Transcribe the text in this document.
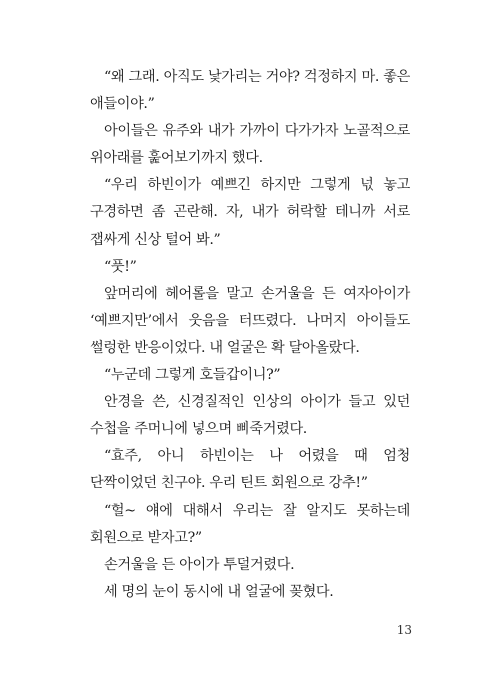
“왜 그래. 아직도 낯가리는 거야? 걱정하지 마. 좋은 애들이야.”

아이들은 유주와 내가 가까이 다가가자 노골적으로 위아래를 훑어보기까지 했다.

“우리 하빈이가 예쁘긴 하지만 그렇게 넋 놓고 구경하면 좀 곤란해. 자, 내가 허락할 테니까 서로 잽싸게 신상 털어 봐.”

“풋!”

앞머리에 헤어롤을 말고 손거울을 든 여자아이가 ‘예쁘지만’에서 웃음을 터뜨렸다. 나머지 아이들도 썰렁한 반응이었다. 내 얼굴은 확 달아올랐다.

“누군데 그렇게 호들갑이니?”

안경을 쓴, 신경질적인 인상의 아이가 들고 있던 수첩을 주머니에 넣으며 삐죽거렸다.

“효주, 아니 하빈이는 나 어렸을 때 엄청 단짝이었던 친구야. 우리 틴트 회원으로 강추!”

“헐~ 얘에 대해서 우리는 잘 알지도 못하는데 회원으로 받자고?”

손거울을 든 아이가 투덜거렸다.

세 명의 눈이 동시에 내 얼굴에 꽂혔다.

13
